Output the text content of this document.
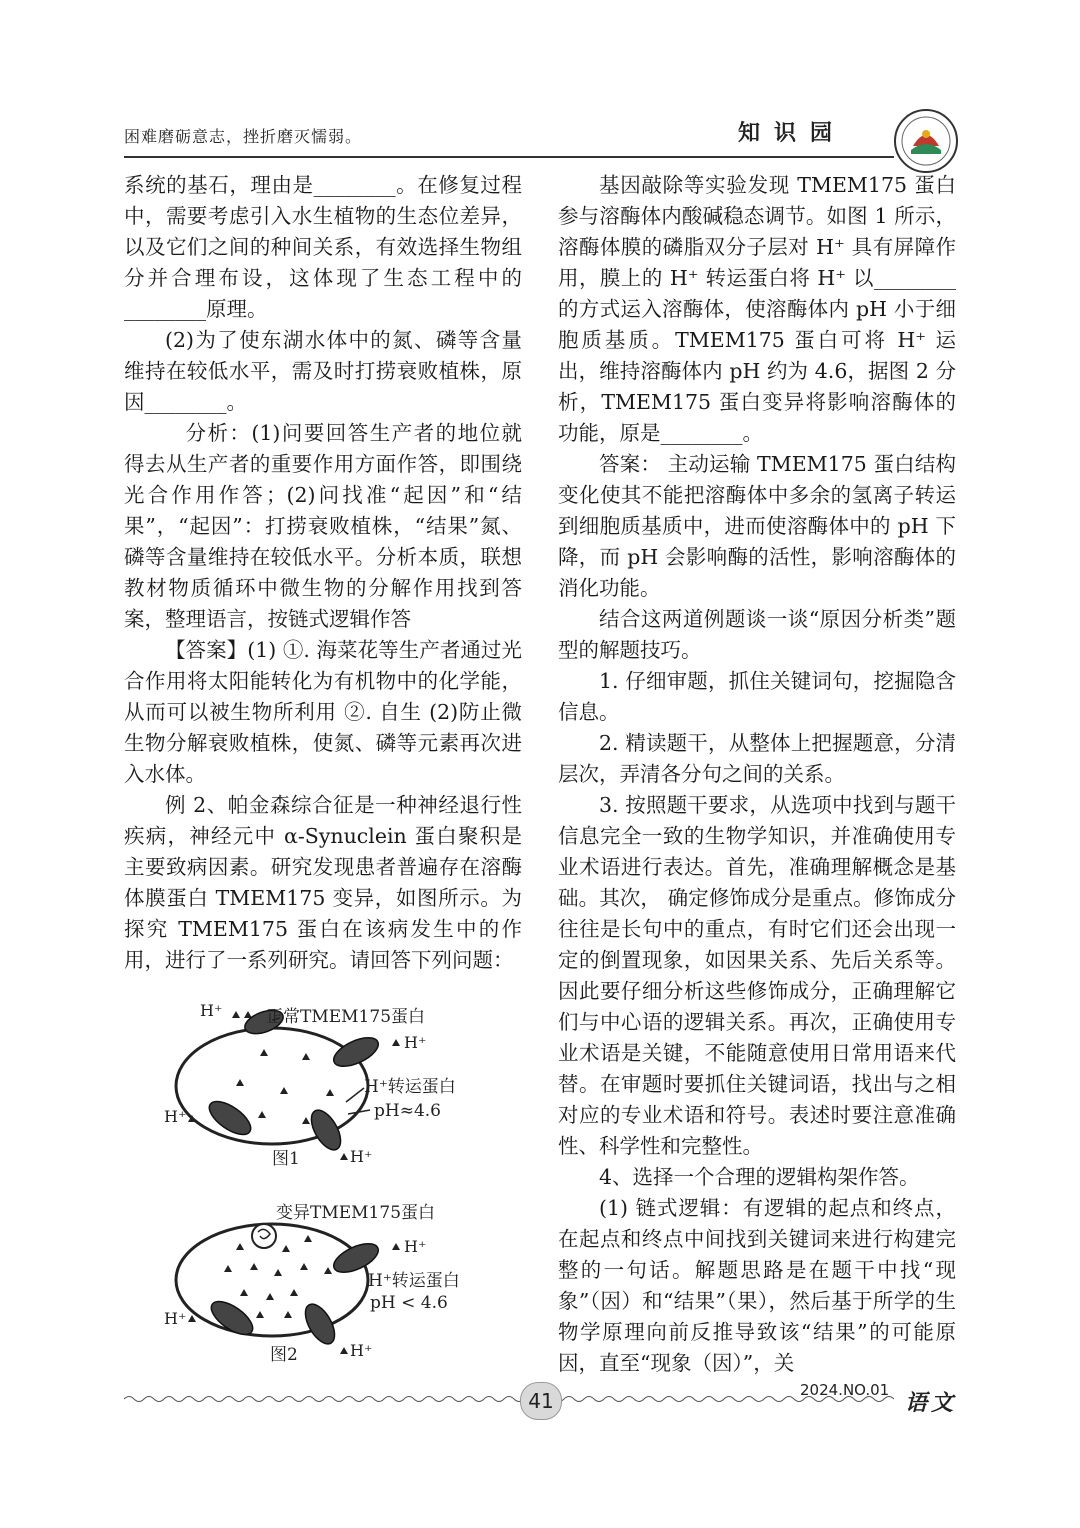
困难磨砺意志，挫折磨灭懦弱。	知识园

系统的基石，理由是________。在修复过程中，需要考虑引入水生植物的生态位差异，以及它们之间的种间关系，有效选择生物组分并合理布设，这体现了生态工程中的________原理。

(2)为了使东湖水体中的氮、磷等含量维持在较低水平，需及时打捞衰败植株，原因________。

分析：(1)问要回答生产者的地位就得去从生产者的重要作用方面作答，即围绕光合作用作答；(2)问找准“起因”和“结果”，“起因”：打捞衰败植株，“结果”氮、磷等含量维持在较低水平。分析本质，联想教材物质循环中微生物的分解作用找到答案，整理语言，按链式逻辑作答

【答案】(1) ①. 海菜花等生产者通过光合作用将太阳能转化为有机物中的化学能，从而可以被生物所利用 ②. 自生 (2)防止微生物分解衰败植株，使氮、磷等元素再次进入水体。

例 2、帕金森综合征是一种神经退行性疾病，神经元中 α-Synuclein 蛋白聚积是主要致病因素。研究发现患者普遍存在溶酶体膜蛋白 TMEM175 变异，如图所示。为探究 TMEM175 蛋白在该病发生中的作用，进行了一系列研究。请回答下列问题：

H⁺	正常TMEM175蛋白
H⁺
H⁺转运蛋白
pH≈4.6
H⁺
H⁺
图1
变异TMEM175蛋白
H⁺
H⁺转运蛋白
pH < 4.6
H⁺
H⁺
图2

基因敲除等实验发现 TMEM175 蛋白参与溶酶体内酸碱稳态调节。如图 1 所示，溶酶体膜的磷脂双分子层对 H⁺ 具有屏障作用，膜上的 H⁺ 转运蛋白将 H⁺ 以________的方式运入溶酶体，使溶酶体内 pH 小于细胞质基质。TMEM175 蛋白可将 H⁺ 运出，维持溶酶体内 pH 约为 4.6，据图 2 分析，TMEM175 蛋白变异将影响溶酶体的功能，原是________。

答案： 主动运输 TMEM175 蛋白结构变化使其不能把溶酶体中多余的氢离子转运到细胞质基质中，进而使溶酶体中的 pH 下降，而 pH 会影响酶的活性，影响溶酶体的消化功能。

结合这两道例题谈一谈“原因分析类”题型的解题技巧。

1. 仔细审题，抓住关键词句，挖掘隐含信息。

2. 精读题干，从整体上把握题意，分清层次，弄清各分句之间的关系。

3. 按照题干要求，从选项中找到与题干信息完全一致的生物学知识，并准确使用专业术语进行表达。首先，准确理解概念是基础。其次， 确定修饰成分是重点。修饰成分往往是长句中的重点，有时它们还会出现一定的倒置现象，如因果关系、先后关系等。因此要仔细分析这些修饰成分，正确理解它们与中心语的逻辑关系。再次，正确使用专业术语是关键，不能随意使用日常用语来代替。在审题时要抓住关键词语，找出与之相对应的专业术语和符号。表述时要注意准确性、科学性和完整性。

4、选择一个合理的逻辑构架作答。

(1) 链式逻辑：有逻辑的起点和终点，在起点和终点中间找到关键词来进行构建完整的一句话。解题思路是在题干中找“现象”（因）和“结果”（果），然后基于所学的生物学原理向前反推导致该“结果”的可能原因，直至“现象（因）”，关

41	2024.NO.01 语文
